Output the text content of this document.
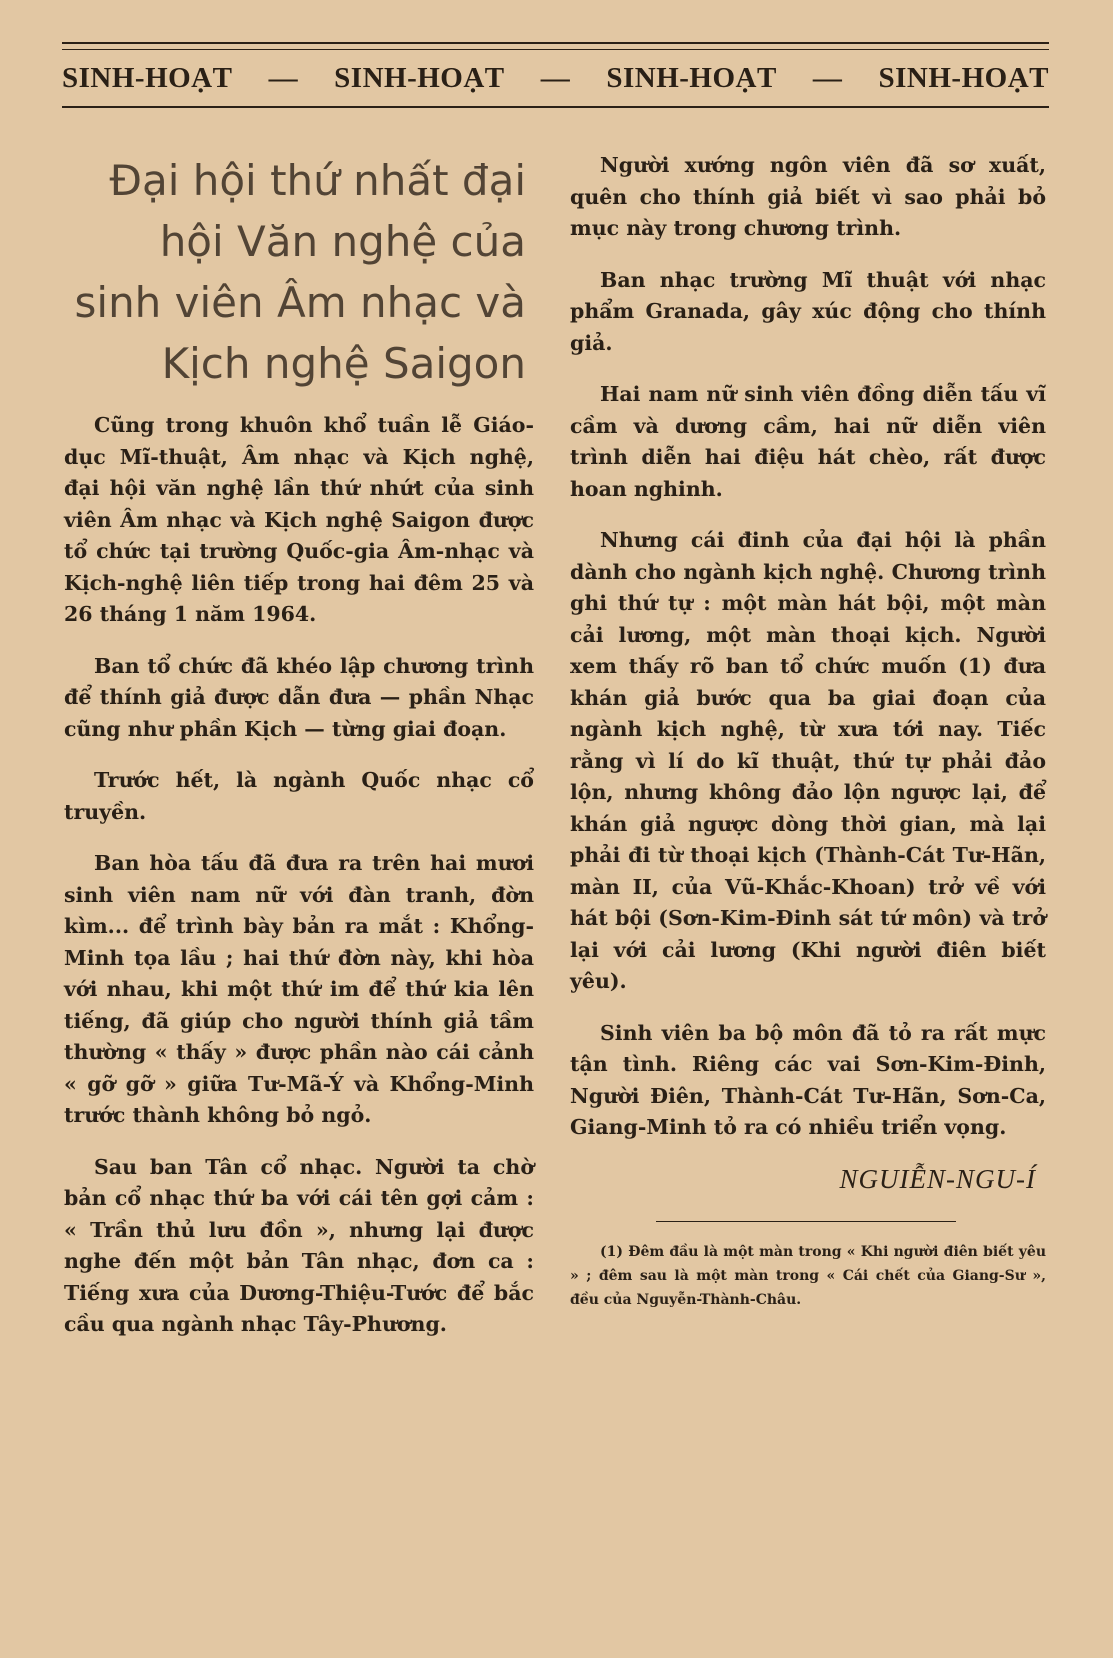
SINH-HOẠT — SINH-HOẠT — SINH-HOẠT — SINH-HOẠT
Đại hội thứ nhất đại hội Văn nghệ của sinh viên Âm nhạc và Kịch nghệ Saigon

Cũng trong khuôn khổ tuần lễ Giáo-dục Mĩ-thuật, Âm nhạc và Kịch nghệ, đại hội văn nghệ lần thứ nhứt của sinh viên Âm nhạc và Kịch nghệ Saigon được tổ chức tại trường Quốc-gia Âm-nhạc và Kịch-nghệ liên tiếp trong hai đêm 25 và 26 tháng 1 năm 1964.

Ban tổ chức đã khéo lập chương trình để thính giả được dẫn đưa — phần Nhạc cũng như phần Kịch — từng giai đoạn.

Trước hết, là ngành Quốc nhạc cổ truyền.

Ban hòa tấu đã đưa ra trên hai mươi sinh viên nam nữ với đàn tranh, đờn kìm... để trình bày bản ra mắt : Khổng-Minh tọa lầu ; hai thứ đờn này, khi hòa với nhau, khi một thứ im để thứ kia lên tiếng, đã giúp cho người thính giả tầm thường « thấy » được phần nào cái cảnh « gỡ gỡ » giữa Tư-Mã-Ý và Khổng-Minh trước thành không bỏ ngỏ.

Sau ban Tân cổ nhạc. Người ta chờ bản cổ nhạc thứ ba với cái tên gợi cảm : « Trần thủ lưu đồn », nhưng lại được nghe đến một bản Tân nhạc, đơn ca : Tiếng xưa của Dương-Thiệu-Tước để bắc cầu qua ngành nhạc Tây-Phương.

Người xướng ngôn viên đã sơ xuất, quên cho thính giả biết vì sao phải bỏ mục này trong chương trình.

Ban nhạc trường Mĩ thuật với nhạc phẩm Granada, gây xúc động cho thính giả.

Hai nam nữ sinh viên đồng diễn tấu vĩ cầm và dương cầm, hai nữ diễn viên trình diễn hai điệu hát chèo, rất được hoan nghinh.

Nhưng cái đinh của đại hội là phần dành cho ngành kịch nghệ. Chương trình ghi thứ tự : một màn hát bội, một màn cải lương, một màn thoại kịch. Người xem thấy rõ ban tổ chức muốn (1) đưa khán giả bước qua ba giai đoạn của ngành kịch nghệ, từ xưa tới nay. Tiếc rằng vì lí do kĩ thuật, thứ tự phải đảo lộn, nhưng không đảo lộn ngược lại, để khán giả ngược dòng thời gian, mà lại phải đi từ thoại kịch (Thành-Cát Tư-Hãn, màn II, của Vũ-Khắc-Khoan) trở về với hát bội (Sơn-Kim-Đinh sát tứ môn) và trở lại với cải lương (Khi người điên biết yêu).

Sinh viên ba bộ môn đã tỏ ra rất mực tận tình. Riêng các vai Sơn-Kim-Đinh, Người Điên, Thành-Cát Tư-Hãn, Sơn-Ca, Giang-Minh tỏ ra có nhiều triển vọng.

NGUIỄN-NGU-Í

(1) Đêm đầu là một màn trong « Khi người điên biết yêu » ; đêm sau là một màn trong « Cái chết của Giang-Sư », đều của Nguyễn-Thành-Châu.
